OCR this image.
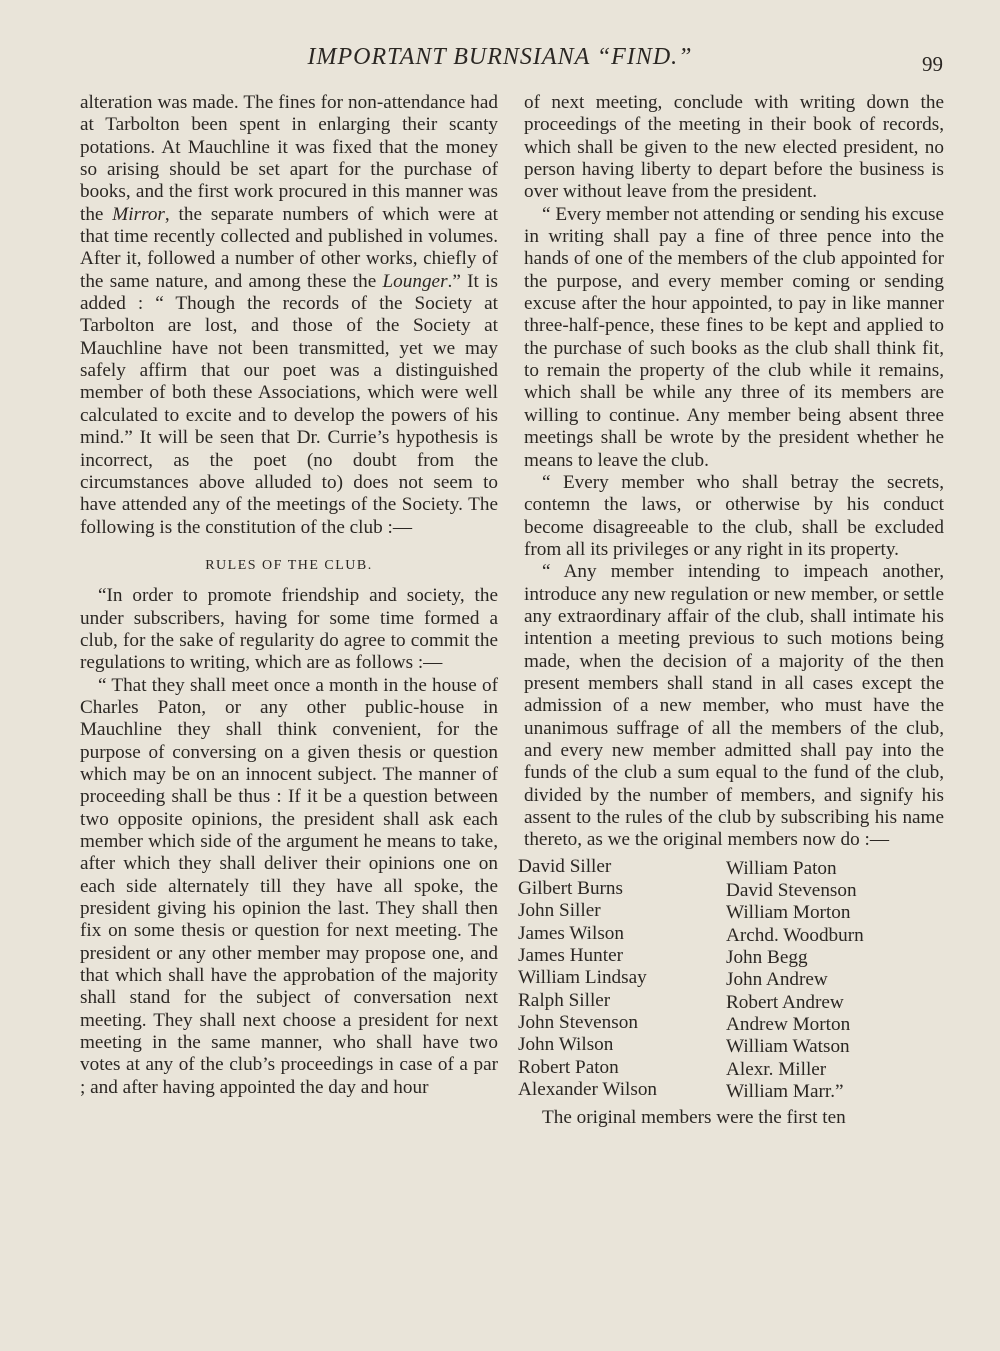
IMPORTANT BURNSIANA “FIND.”	99

alteration was made. The fines for non-attendance had at Tarbolton been spent in enlarging their scanty potations. At Mauchline it was fixed that the money so arising should be set apart for the purchase of books, and the first work procured in this manner was the Mirror, the separate numbers of which were at that time recently collected and published in volumes. After it, followed a number of other works, chiefly of the same nature, and among these the Lounger.” It is added : “ Though the records of the Society at Tarbolton are lost, and those of the Society at Mauchline have not been transmitted, yet we may safely affirm that our poet was a distinguished member of both these Associations, which were well calculated to excite and to develop the powers of his mind.” It will be seen that Dr. Currie’s hypothesis is incorrect, as the poet (no doubt from the circumstances above alluded to) does not seem to have attended any of the meetings of the Society. The following is the constitution of the club :—

RULES OF THE CLUB.

“In order to promote friendship and society, the under subscribers, having for some time formed a club, for the sake of regularity do agree to commit the regulations to writing, which are as follows :—

“ That they shall meet once a month in the house of Charles Paton, or any other public-house in Mauchline they shall think convenient, for the purpose of conversing on a given thesis or question which may be on an innocent subject. The manner of proceeding shall be thus : If it be a question between two opposite opinions, the president shall ask each member which side of the argument he means to take, after which they shall deliver their opinions one on each side alternately till they have all spoke, the president giving his opinion the last. They shall then fix on some thesis or question for next meeting. The president or any other member may propose one, and that which shall have the approbation of the majority shall stand for the subject of conversation next meeting. They shall next choose a president for next meeting in the same manner, who shall have two votes at any of the club’s proceedings in case of a par ; and after having appointed the day and hour

of next meeting, conclude with writing down the proceedings of the meeting in their book of records, which shall be given to the new elected president, no person having liberty to depart before the business is over without leave from the president.

“ Every member not attending or sending his excuse in writing shall pay a fine of three pence into the hands of one of the members of the club appointed for the purpose, and every member coming or sending excuse after the hour appointed, to pay in like manner three-half-pence, these fines to be kept and applied to the purchase of such books as the club shall think fit, to remain the property of the club while it remains, which shall be while any three of its members are willing to continue. Any member being absent three meetings shall be wrote by the president whether he means to leave the club.

“ Every member who shall betray the secrets, contemn the laws, or otherwise by his conduct become disagreeable to the club, shall be excluded from all its privileges or any right in its property.

“ Any member intending to impeach another, introduce any new regulation or new member, or settle any extraordinary affair of the club, shall intimate his intention a meeting previous to such motions being made, when the decision of a majority of the then present members shall stand in all cases except the admission of a new member, who must have the unanimous suffrage of all the members of the club, and every new member admitted shall pay into the funds of the club a sum equal to the fund of the club, divided by the number of members, and signify his assent to the rules of the club by subscribing his name thereto, as we the original members now do :—

David Siller
Gilbert Burns
John Siller
James Wilson
James Hunter
William Lindsay
Ralph Siller
John Stevenson
John Wilson
Robert Paton
Alexander Wilson
William Paton
David Stevenson
William Morton
Archd. Woodburn
John Begg
John Andrew
Robert Andrew
Andrew Morton
William Watson
Alexr. Miller
William Marr.”

The original members were the first ten
